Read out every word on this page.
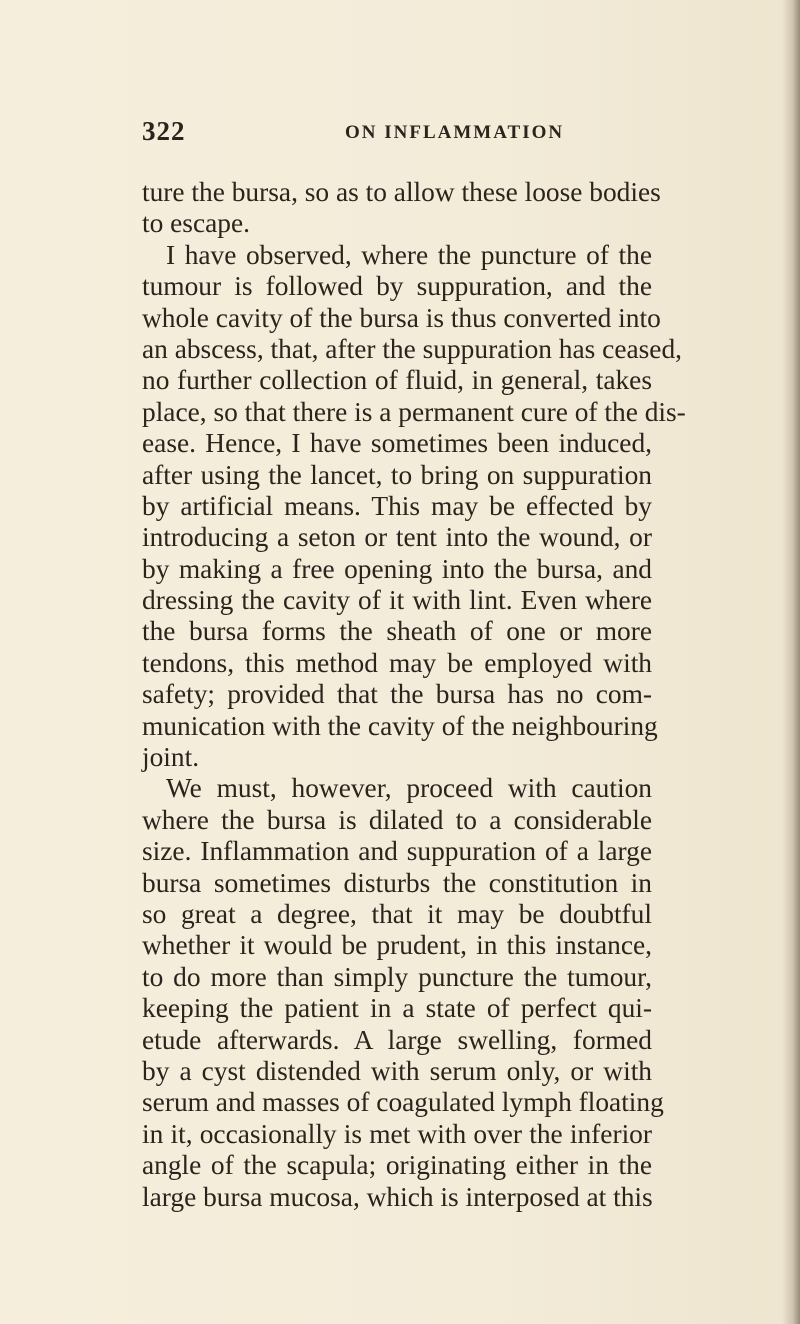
322	ON INFLAMMATION
ture the bursa, so as to allow these loose bodies
to escape.
I have observed, where the puncture of the
tumour is followed by suppuration, and the
whole cavity of the bursa is thus converted into
an abscess, that, after the suppuration has ceased,
no further collection of fluid, in general, takes
place, so that there is a permanent cure of the dis-
ease. Hence, I have sometimes been induced,
after using the lancet, to bring on suppuration
by artificial means. This may be effected by
introducing a seton or tent into the wound, or
by making a free opening into the bursa, and
dressing the cavity of it with lint. Even where
the bursa forms the sheath of one or more
tendons, this method may be employed with
safety; provided that the bursa has no com-
munication with the cavity of the neighbouring
joint.
We must, however, proceed with caution
where the bursa is dilated to a considerable
size. Inflammation and suppuration of a large
bursa sometimes disturbs the constitution in
so great a degree, that it may be doubtful
whether it would be prudent, in this instance,
to do more than simply puncture the tumour,
keeping the patient in a state of perfect qui-
etude afterwards. A large swelling, formed
by a cyst distended with serum only, or with
serum and masses of coagulated lymph floating
in it, occasionally is met with over the inferior
angle of the scapula; originating either in the
large bursa mucosa, which is interposed at this
